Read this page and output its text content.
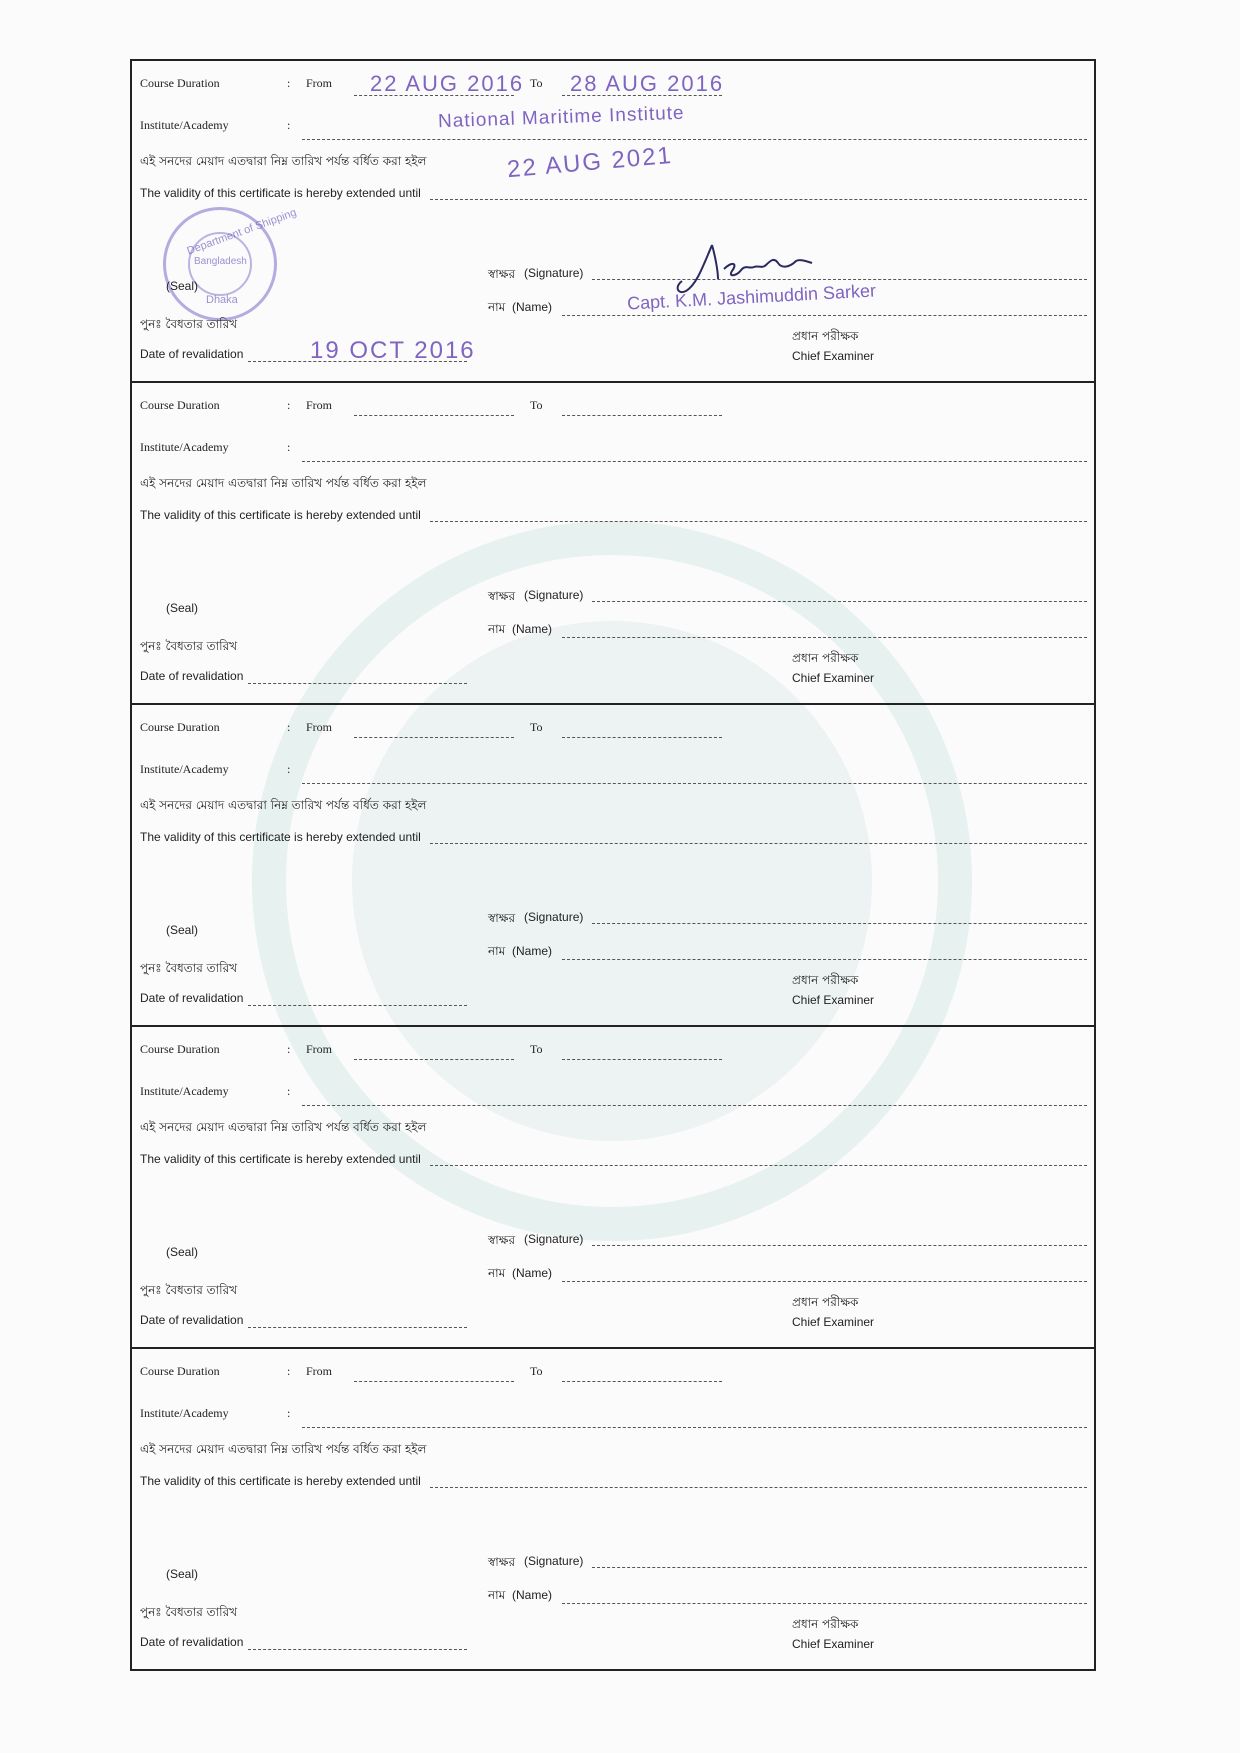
Course Duration	: From 22 AUG 2016 To 28 AUG 2016
Institute/Academy	:	National Maritime Institute
এই সনদের মেয়াদ এতদ্বারা নিম্ন তারিখ পর্যন্ত বর্ধিত করা হইল	22 AUG 2021
The validity of this certificate is hereby extended until
Department of Shipping
Bangladesh
Dhaka
(Seal)
স্বাক্ষর (Signature)
নাম (Name)	Capt. K.M. Jashimuddin Sarker
পুনঃ বৈধতার তারিখ
Date of revalidation	19 OCT 2016
প্রধান পরীক্ষক
Chief Examiner
Course Duration	: From	To
Institute/Academy	:
এই সনদের মেয়াদ এতদ্বারা নিম্ন তারিখ পর্যন্ত বর্ধিত করা হইল
The validity of this certificate is hereby extended until
(Seal)
স্বাক্ষর (Signature)
নাম (Name)
পুনঃ বৈধতার তারিখ
Date of revalidation
প্রধান পরীক্ষক
Chief Examiner
Course Duration	: From	To
Institute/Academy	:
এই সনদের মেয়াদ এতদ্বারা নিম্ন তারিখ পর্যন্ত বর্ধিত করা হইল
The validity of this certificate is hereby extended until
(Seal)
স্বাক্ষর (Signature)
নাম (Name)
পুনঃ বৈধতার তারিখ
Date of revalidation
প্রধান পরীক্ষক
Chief Examiner
Course Duration	: From	To
Institute/Academy	:
এই সনদের মেয়াদ এতদ্বারা নিম্ন তারিখ পর্যন্ত বর্ধিত করা হইল
The validity of this certificate is hereby extended until
(Seal)
স্বাক্ষর (Signature)
নাম (Name)
পুনঃ বৈধতার তারিখ
Date of revalidation
প্রধান পরীক্ষক
Chief Examiner
Course Duration	: From	To
Institute/Academy	:
এই সনদের মেয়াদ এতদ্বারা নিম্ন তারিখ পর্যন্ত বর্ধিত করা হইল
The validity of this certificate is hereby extended until
(Seal)
স্বাক্ষর (Signature)
নাম (Name)
পুনঃ বৈধতার তারিখ
Date of revalidation
প্রধান পরীক্ষক
Chief Examiner
